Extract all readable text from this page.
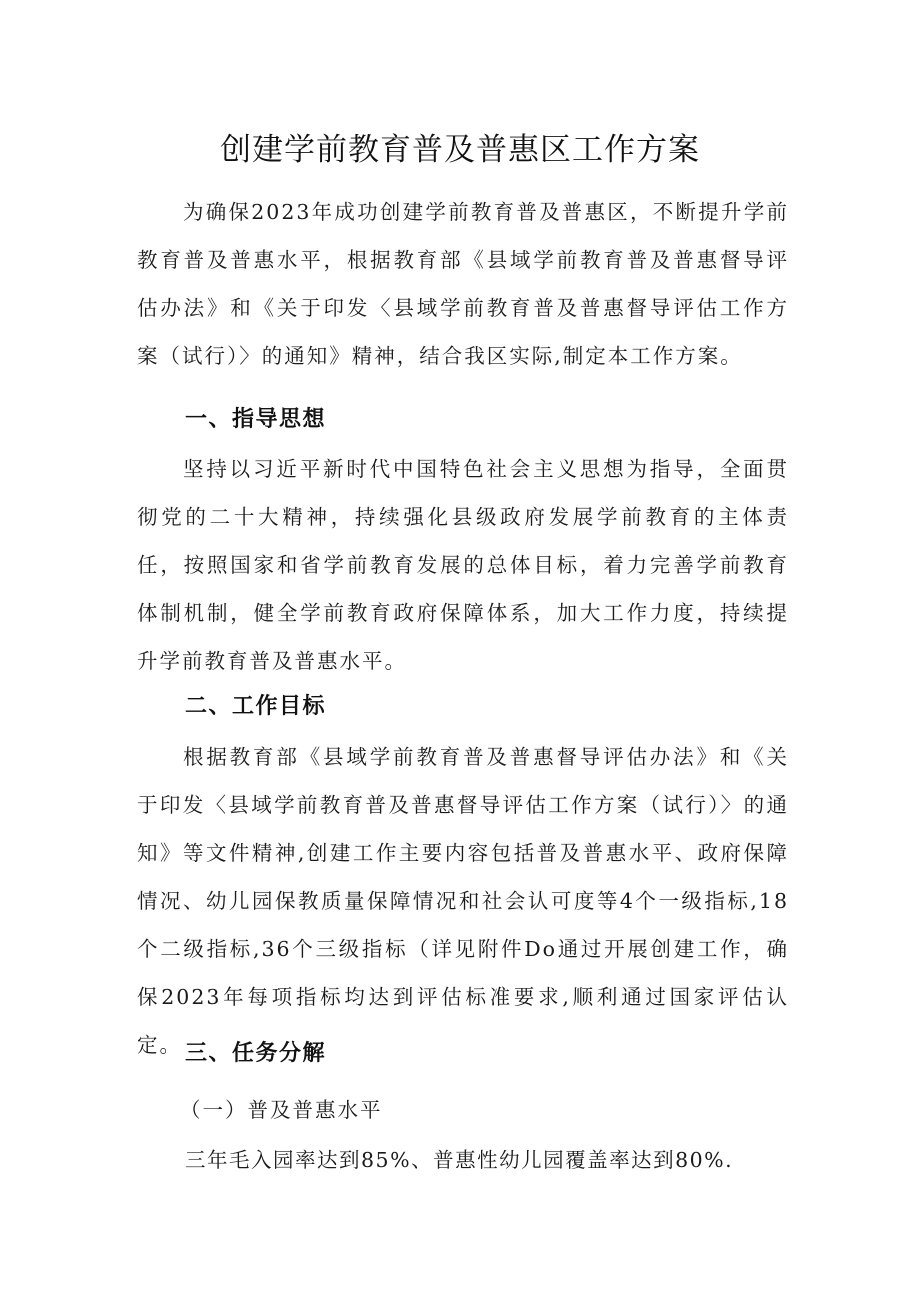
创建学前教育普及普惠区工作方案

为确保2023年成功创建学前教育普及普惠区，不断提升学前教育普及普惠水平，根据教育部《县域学前教育普及普惠督导评估办法》和《关于印发〈县域学前教育普及普惠督导评估工作方案（试行）〉的通知》精神，结合我区实际,制定本工作方案。

一、指导思想

坚持以习近平新时代中国特色社会主义思想为指导，全面贯彻党的二十大精神，持续强化县级政府发展学前教育的主体责任，按照国家和省学前教育发展的总体目标，着力完善学前教育体制机制，健全学前教育政府保障体系，加大工作力度，持续提升学前教育普及普惠水平。

二、工作目标

根据教育部《县域学前教育普及普惠督导评估办法》和《关于印发〈县域学前教育普及普惠督导评估工作方案（试行）〉的通知》等文件精神,创建工作主要内容包括普及普惠水平、政府保障情况、幼儿园保教质量保障情况和社会认可度等4个一级指标,18个二级指标,36个三级指标（详见附件Do通过开展创建工作，确保2023年每项指标均达到评估标准要求,顺利通过国家评估认定。 三、任务分解
（一）普及普惠水平
三年毛入园率达到85%、普惠性幼儿园覆盖率达到80%.
